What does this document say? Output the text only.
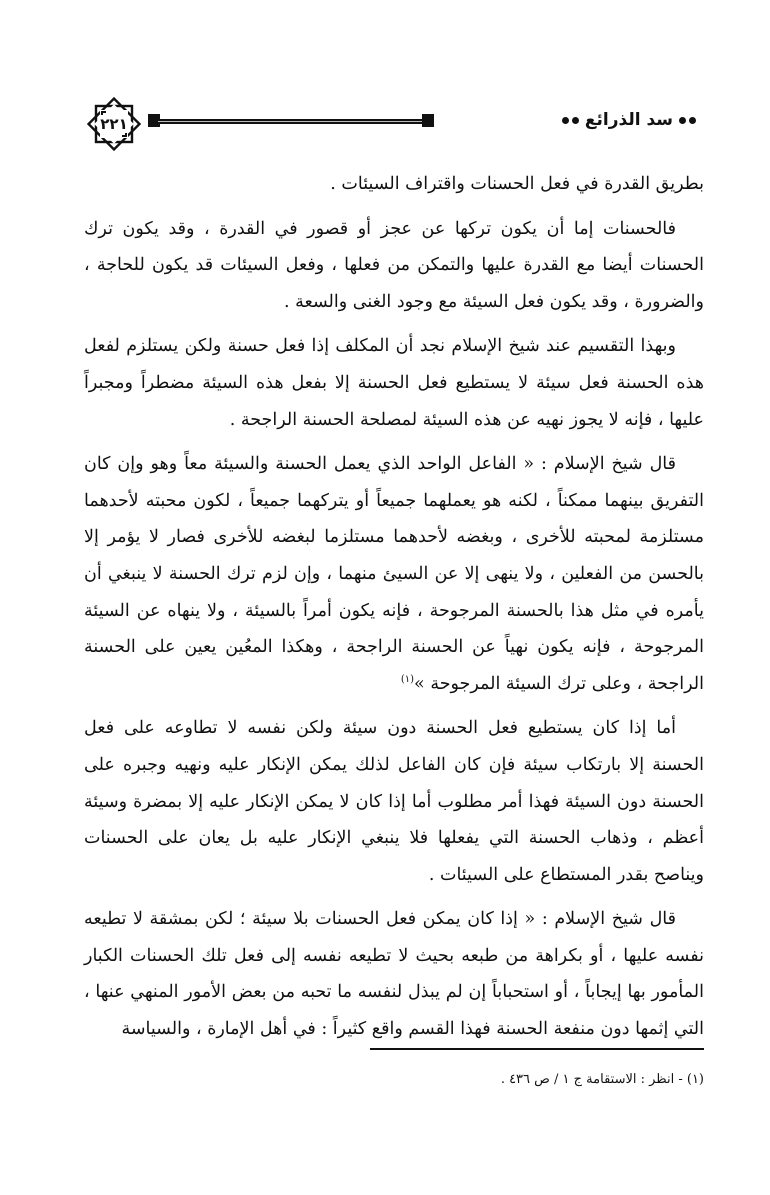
٢٢١	سد الذرائع

بطريق القدرة في فعل الحسنات واقتراف السيئات .

فالحسنات إما أن يكون تركها عن عجز أو قصور في القدرة ، وقد يكون ترك الحسنات أيضا مع القدرة عليها والتمكن من فعلها ، وفعل السيئات قد يكون للحاجة ، والضرورة ، وقد يكون فعل السيئة مع وجود الغنى والسعة .

وبهذا التقسيم عند شيخ الإسلام نجد أن المكلف إذا فعل حسنة ولكن يستلزم لفعل هذه الحسنة فعل سيئة لا يستطيع فعل الحسنة إلا بفعل هذه السيئة مضطراً ومجبراً عليها ، فإنه لا يجوز نهيه عن هذه السيئة لمصلحة الحسنة الراجحة .

قال شيخ الإسلام : « الفاعل الواحد الذي يعمل الحسنة والسيئة معاً وهو وإن كان التفريق بينهما ممكناً ، لكنه هو يعملهما جميعاً أو يتركهما جميعاً ، لكون محبته لأحدهما مستلزمة لمحبته للأخرى ، وبغضه لأحدهما مستلزما لبغضه للأخرى فصار لا يؤمر إلا بالحسن من الفعلين ، ولا ينهى إلا عن السيئ منهما ، وإن لزم ترك الحسنة لا ينبغي أن يأمره في مثل هذا بالحسنة المرجوحة ، فإنه يكون أمراً بالسيئة ، ولا ينهاه عن السيئة المرجوحة ، فإنه يكون نهياً عن الحسنة الراجحة ، وهكذا المعُين يعين على الحسنة الراجحة ، وعلى ترك السيئة المرجوحة »$^{(١)}$

أما إذا كان يستطيع فعل الحسنة دون سيئة ولكن نفسه لا تطاوعه على فعل الحسنة إلا بارتكاب سيئة فإن كان الفاعل لذلك يمكن الإنكار عليه ونهيه وجبره على الحسنة دون السيئة فهذا أمر مطلوب أما إذا كان لا يمكن الإنكار عليه إلا بمضرة وسيئة أعظم ، وذهاب الحسنة التي يفعلها فلا ينبغي الإنكار عليه بل يعان على الحسنات ويناصح بقدر المستطاع على السيئات .

قال شيخ الإسلام : « إذا كان يمكن فعل الحسنات بلا سيئة ؛ لكن بمشقة لا تطيعه نفسه عليها ، أو بكراهة من طبعه بحيث لا تطيعه نفسه إلى فعل تلك الحسنات الكبار المأمور بها إيجاباً ، أو استحباباً إن لم يبذل لنفسه ما تحبه من بعض الأمور المنهي عنها ، التي إثمها دون منفعة الحسنة فهذا القسم واقع كثيراً : في أهل الإمارة ، والسياسة

(١) - انظر : الاستقامة ج ١ / ص ٤٣٦ .
